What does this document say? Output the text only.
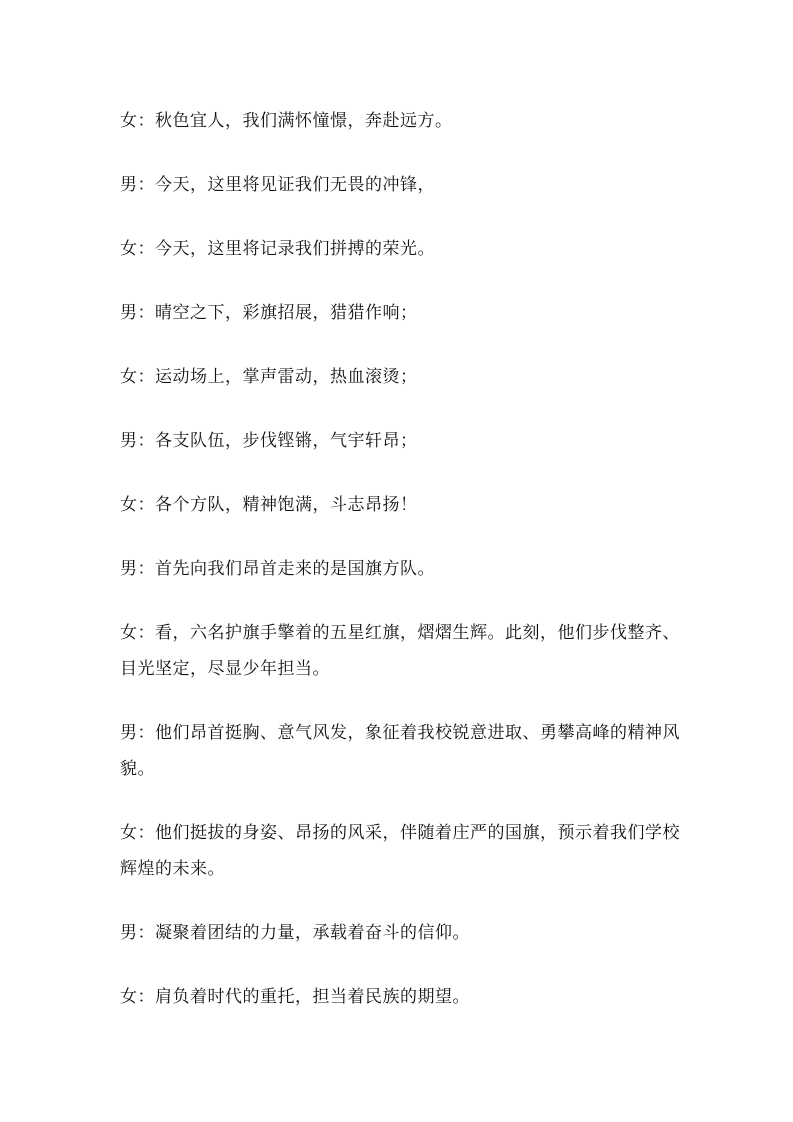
女：秋色宜人，我们满怀憧憬，奔赴远方。

男：今天，这里将见证我们无畏的冲锋，

女：今天，这里将记录我们拼搏的荣光。

男：晴空之下，彩旗招展，猎猎作响；

女：运动场上，掌声雷动，热血滚烫；

男：各支队伍，步伐铿锵，气宇轩昂；

女：各个方队，精神饱满，斗志昂扬！

男：首先向我们昂首走来的是国旗方队。

女：看，六名护旗手擎着的五星红旗，熠熠生辉。此刻，他们步伐整齐、目光坚定，尽显少年担当。

男：他们昂首挺胸、意气风发，象征着我校锐意进取、勇攀高峰的精神风貌。

女：他们挺拔的身姿、昂扬的风采，伴随着庄严的国旗，预示着我们学校辉煌的未来。

男：凝聚着团结的力量，承载着奋斗的信仰。

女：肩负着时代的重托，担当着民族的期望。
